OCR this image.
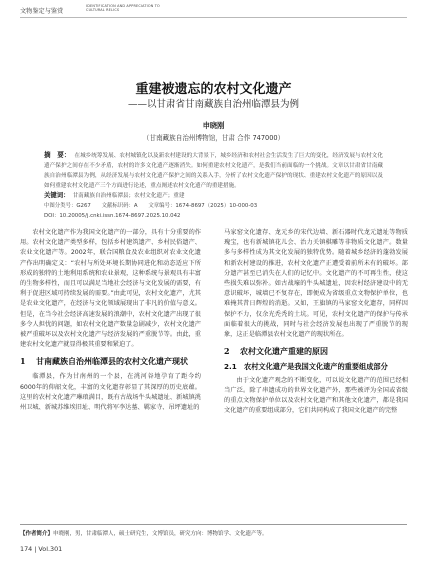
文物鉴定与鉴赏
IDENTIFICATION AND APPRECIATION TO CULTURAL RELICS
重建被遗忘的农村文化遗产
——以甘肃省甘南藏族自治州临潭县为例
申晓刚
（甘南藏族自治州博物馆，甘肃 合作 747000）
摘　要： 在城乡统筹发展、农村城镇化以及新农村建设的大背景下，城乡经济和农村社会生活发生了巨大的变化，经济发展与农村文化遗产保护之间存在不少矛盾，农村的许多文化遗产逐渐消失。如何重建农村文化遗产，是我们当前面临的一个挑战。文章以甘肃省甘南藏族自治州临潭县为例，从经济发展与农村文化遗产保护之间的关系入手，分析了农村文化遗产保护的现状、重建农村文化遗产的原因以及如何重建农村文化遗产三个方面进行论述，重点阐述农村文化遗产的重建措施。
关键词： 甘南藏族自治州临潭县；农村文化遗产；重建
中图分类号：G267　　文献标识码：A　　文章编号：1674-8697（2025）10-000-03
DOI：10.20005/j.cnki.issn.1674-8697.2025.10.042

农村文化遗产作为我国文化遗产的一部分，具有十分重要的作用。农村文化遗产类型多样，包括乡村建筑遗产、乡村民俗遗产、农业文化遗产等。2002年，联合国粮食及农业组织对农业文化遗产作出明确定义：“农村与所处环境长期协同进化和动态适应下所形成的独特的土地利用系统和农业景观，这种系统与景观具有丰富的生物多样性，而且可以满足当地社会经济与文化发展的需要，有利于促进区域可持续发展的需要。”由此可见，农村文化遗产，尤其是农业文化遗产，在经济与文化领域展现出了非凡的价值与意义。但是，在当今社会经济高速发展的浪潮中，农村文化遗产出现了很多令人担忧的问题，如农村文化遗产数量急剧减少，农村文化遗产被严重破坏以及农村文化遗产与经济发展的严重脱节等。由此，重建农村文化遗产就显得极其重要和紧迫了。

1	甘南藏族自治州临潭县的农村文化遗产现状

临潭县，作为甘南州的一个县，在洮河谷地孕育了距今约6000年的仰韶文化，丰富的文化遗存彰显了其深厚的历史底蕴。这里的农村文化遗产琳琅满目，既有古战场牛头城遗址、新城镇洮州卫城、新城苏维埃旧址、明代将军李达墓、羁家寺、吊坪遗址的

马家窑文化遗存、龙元乡的宋代边墙、新石器时代龙元遗址等物质瑰宝，也有新城镇花儿会、治力关镇棋雕等非物质文化遗产。数量多与多样性成为其文化发展的独特优势。随着城乡经济的蓬勃发展和新农村建设的推进，农村文化遗产正遭受着前所未有的破坏。部分遗产甚至已消失在人们的记忆中。文化遗产的不可再生性，使这些损失难以弥补。如古战壕的牛头城遗址，因农村经济建设中的无意识破坏，城墙已不复存在，即便成为省级重点文物保护单位，也难掩其昔日辉煌的消逝。又如，王旗镇的马家窑文化遗存，同样因保护不力，仅余光秃秃的土坑。可见，农村文化遗产的保护与传承面临着很大的挑战，同时与社会经济发展也出现了严重脱节的现象，这正是临潭县农村文化遗产的现状所在。

2	农村文化遗产重建的原因
2.1	农村文化遗产是我国文化遗产的重要组成部分

由于文化遗产观念的不断变化，可以说文化遗产的范围已经相当广泛。除了串遗成功的世界文化遗产外，那些被评为全国或省级的重点文物保护单位以及农村文化遗产和其他文化遗产，都是我国文化遗产的重要组成部分，它们共同构成了我国文化遗产的完整

【作者简介】申晓刚，男，甘肃临潭人，硕士研究生，文博馆员，研究方向：博物馆学、文化遗产等。
174 | Vol.301
